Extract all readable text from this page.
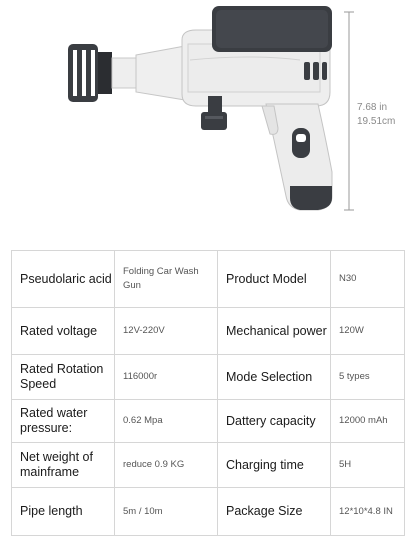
7.68 in
19.51cm
Pseudolaric acid	Folding Car Wash Gun	Product Model	N30
Rated voltage	12V-220V	Mechanical power	120W
Rated Rotation Speed	116000r	Mode Selection	5 types
Rated water pressure:	0.62 Mpa	Dattery capacity	12000 mAh
Net weight of mainframe	reduce 0.9 KG	Charging time	5H
Pipe length	5m / 10m	Package Size	12*10*4.8 IN
